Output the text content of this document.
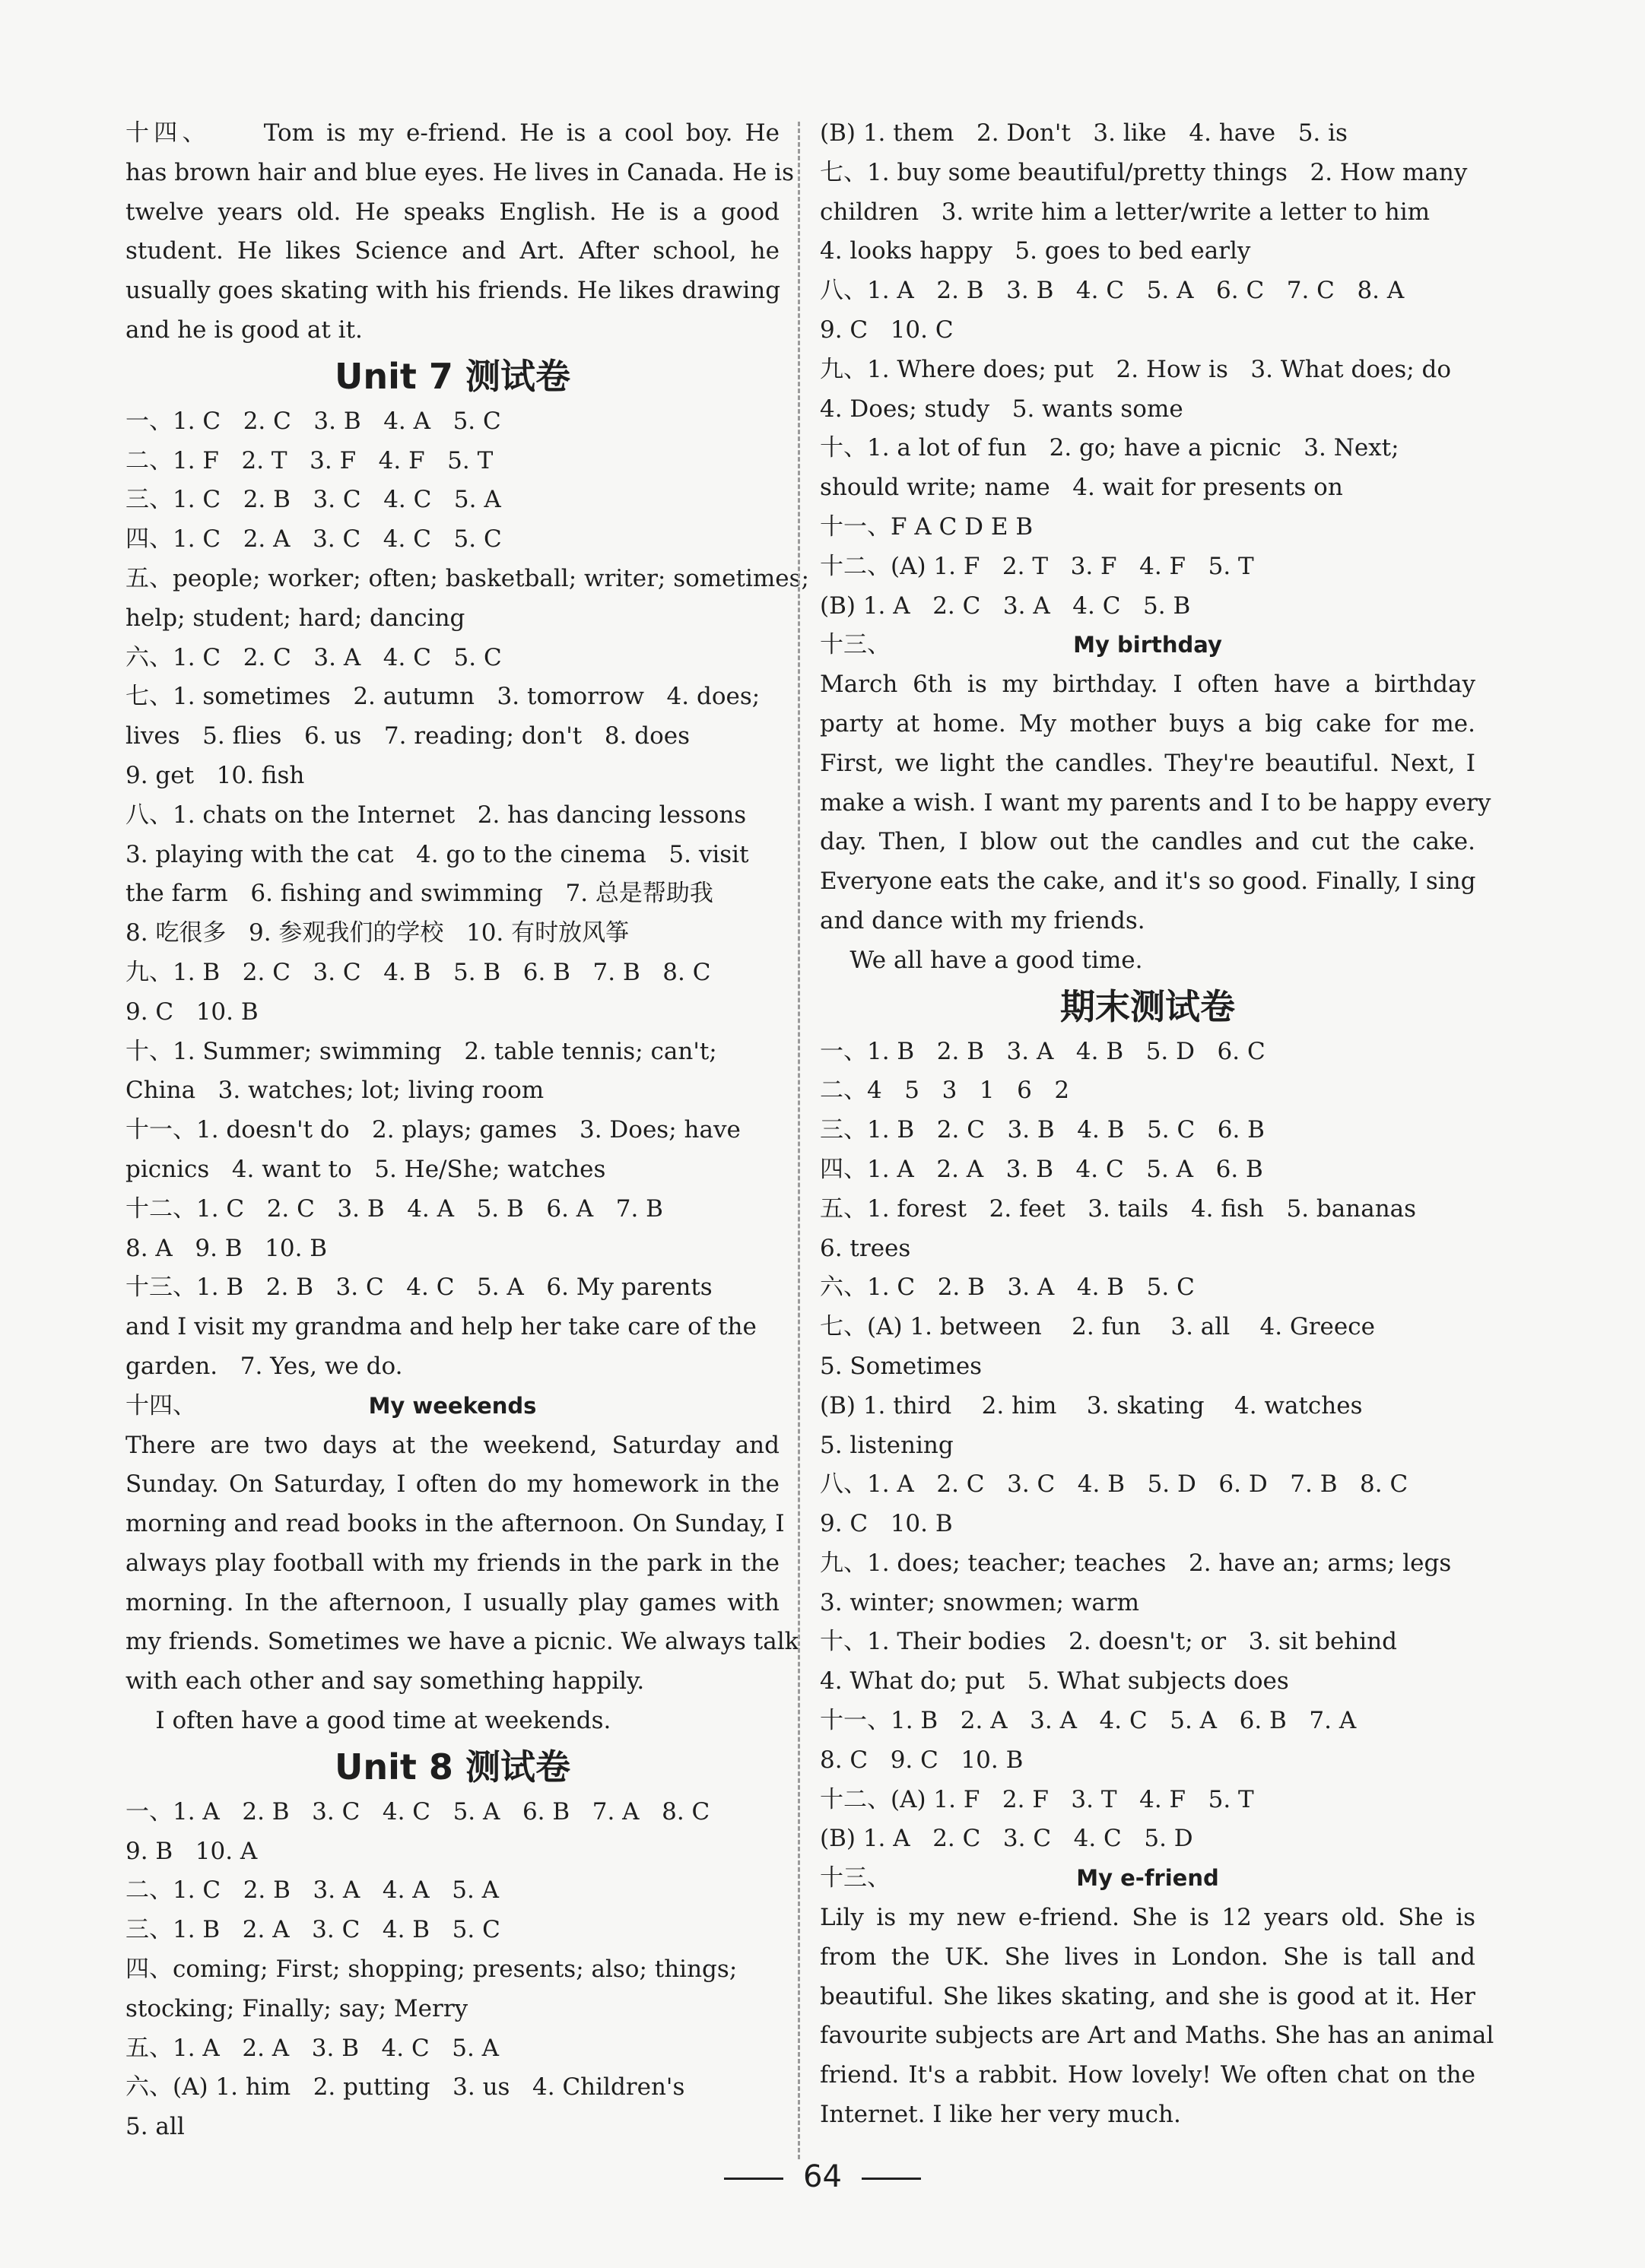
十四、 Tom is my e-friend. He is a cool boy. He
has brown hair and blue eyes. He lives in Canada. He is
twelve years old. He speaks English. He is a good
student. He likes Science and Art. After school, he
usually goes skating with his friends. He likes drawing
and he is good at it.
Unit 7 测试卷
一、1. C   2. C   3. B   4. A   5. C
二、1. F   2. T   3. F   4. F   5. T
三、1. C   2. B   3. C   4. C   5. A
四、1. C   2. A   3. C   4. C   5. C
五、people; worker; often; basketball; writer; sometimes;
help; student; hard; dancing
六、1. C   2. C   3. A   4. C   5. C
七、1. sometimes   2. autumn   3. tomorrow   4. does;
lives   5. flies   6. us   7. reading; don't   8. does
9. get   10. fish
八、1. chats on the Internet   2. has dancing lessons
3. playing with the cat   4. go to the cinema   5. visit
the farm   6. fishing and swimming   7. 总是帮助我
8. 吃很多   9. 参观我们的学校   10. 有时放风筝
九、1. B   2. C   3. C   4. B   5. B   6. B   7. B   8. C
9. C   10. B
十、1. Summer; swimming   2. table tennis; can't;
China   3. watches; lot; living room
十一、1. doesn't do   2. plays; games   3. Does; have
picnics   4. want to   5. He/She; watches
十二、1. C   2. C   3. B   4. A   5. B   6. A   7. B
8. A   9. B   10. B
十三、1. B   2. B   3. C   4. C   5. A   6. My parents
and I visit my grandma and help her take care of the
garden.   7. Yes, we do.
十四、	My weekends
There are two days at the weekend, Saturday and
Sunday. On Saturday, I often do my homework in the
morning and read books in the afternoon. On Sunday, I
always play football with my friends in the park in the
morning. In the afternoon, I usually play games with
my friends. Sometimes we have a picnic. We always talk
with each other and say something happily.
I often have a good time at weekends.
Unit 8 测试卷
一、1. A   2. B   3. C   4. C   5. A   6. B   7. A   8. C
9. B   10. A
二、1. C   2. B   3. A   4. A   5. A
三、1. B   2. A   3. C   4. B   5. C
四、coming; First; shopping; presents; also; things;
stocking; Finally; say; Merry
五、1. A   2. A   3. B   4. C   5. A
六、(A) 1. him   2. putting   3. us   4. Children's
5. all
(B) 1. them   2. Don't   3. like   4. have   5. is
七、1. buy some beautiful/pretty things   2. How many
children   3. write him a letter/write a letter to him
4. looks happy   5. goes to bed early
八、1. A   2. B   3. B   4. C   5. A   6. C   7. C   8. A
9. C   10. C
九、1. Where does; put   2. How is   3. What does; do
4. Does; study   5. wants some
十、1. a lot of fun   2. go; have a picnic   3. Next;
should write; name   4. wait for presents on
十一、F A C D E B
十二、(A) 1. F   2. T   3. F   4. F   5. T
(B) 1. A   2. C   3. A   4. C   5. B
十三、	My birthday
March 6th is my birthday. I often have a birthday
party at home. My mother buys a big cake for me.
First, we light the candles. They're beautiful. Next, I
make a wish. I want my parents and I to be happy every
day. Then, I blow out the candles and cut the cake.
Everyone eats the cake, and it's so good. Finally, I sing
and dance with my friends.
We all have a good time.
期末测试卷
一、1. B   2. B   3. A   4. B   5. D   6. C
二、4   5   3   1   6   2
三、1. B   2. C   3. B   4. B   5. C   6. B
四、1. A   2. A   3. B   4. C   5. A   6. B
五、1. forest   2. feet   3. tails   4. fish   5. bananas
6. trees
六、1. C   2. B   3. A   4. B   5. C
七、(A) 1. between    2. fun    3. all    4. Greece
5. Sometimes
(B) 1. third    2. him    3. skating    4. watches
5. listening
八、1. A   2. C   3. C   4. B   5. D   6. D   7. B   8. C
9. C   10. B
九、1. does; teacher; teaches   2. have an; arms; legs
3. winter; snowmen; warm
十、1. Their bodies   2. doesn't; or   3. sit behind
4. What do; put   5. What subjects does
十一、1. B   2. A   3. A   4. C   5. A   6. B   7. A
8. C   9. C   10. B
十二、(A) 1. F   2. F   3. T   4. F   5. T
(B) 1. A   2. C   3. C   4. C   5. D
十三、	My e-friend
Lily is my new e-friend. She is 12 years old. She is
from the UK. She lives in London. She is tall and
beautiful. She likes skating, and she is good at it. Her
favourite subjects are Art and Maths. She has an animal
friend. It's a rabbit. How lovely! We often chat on the
Internet. I like her very much.
64
